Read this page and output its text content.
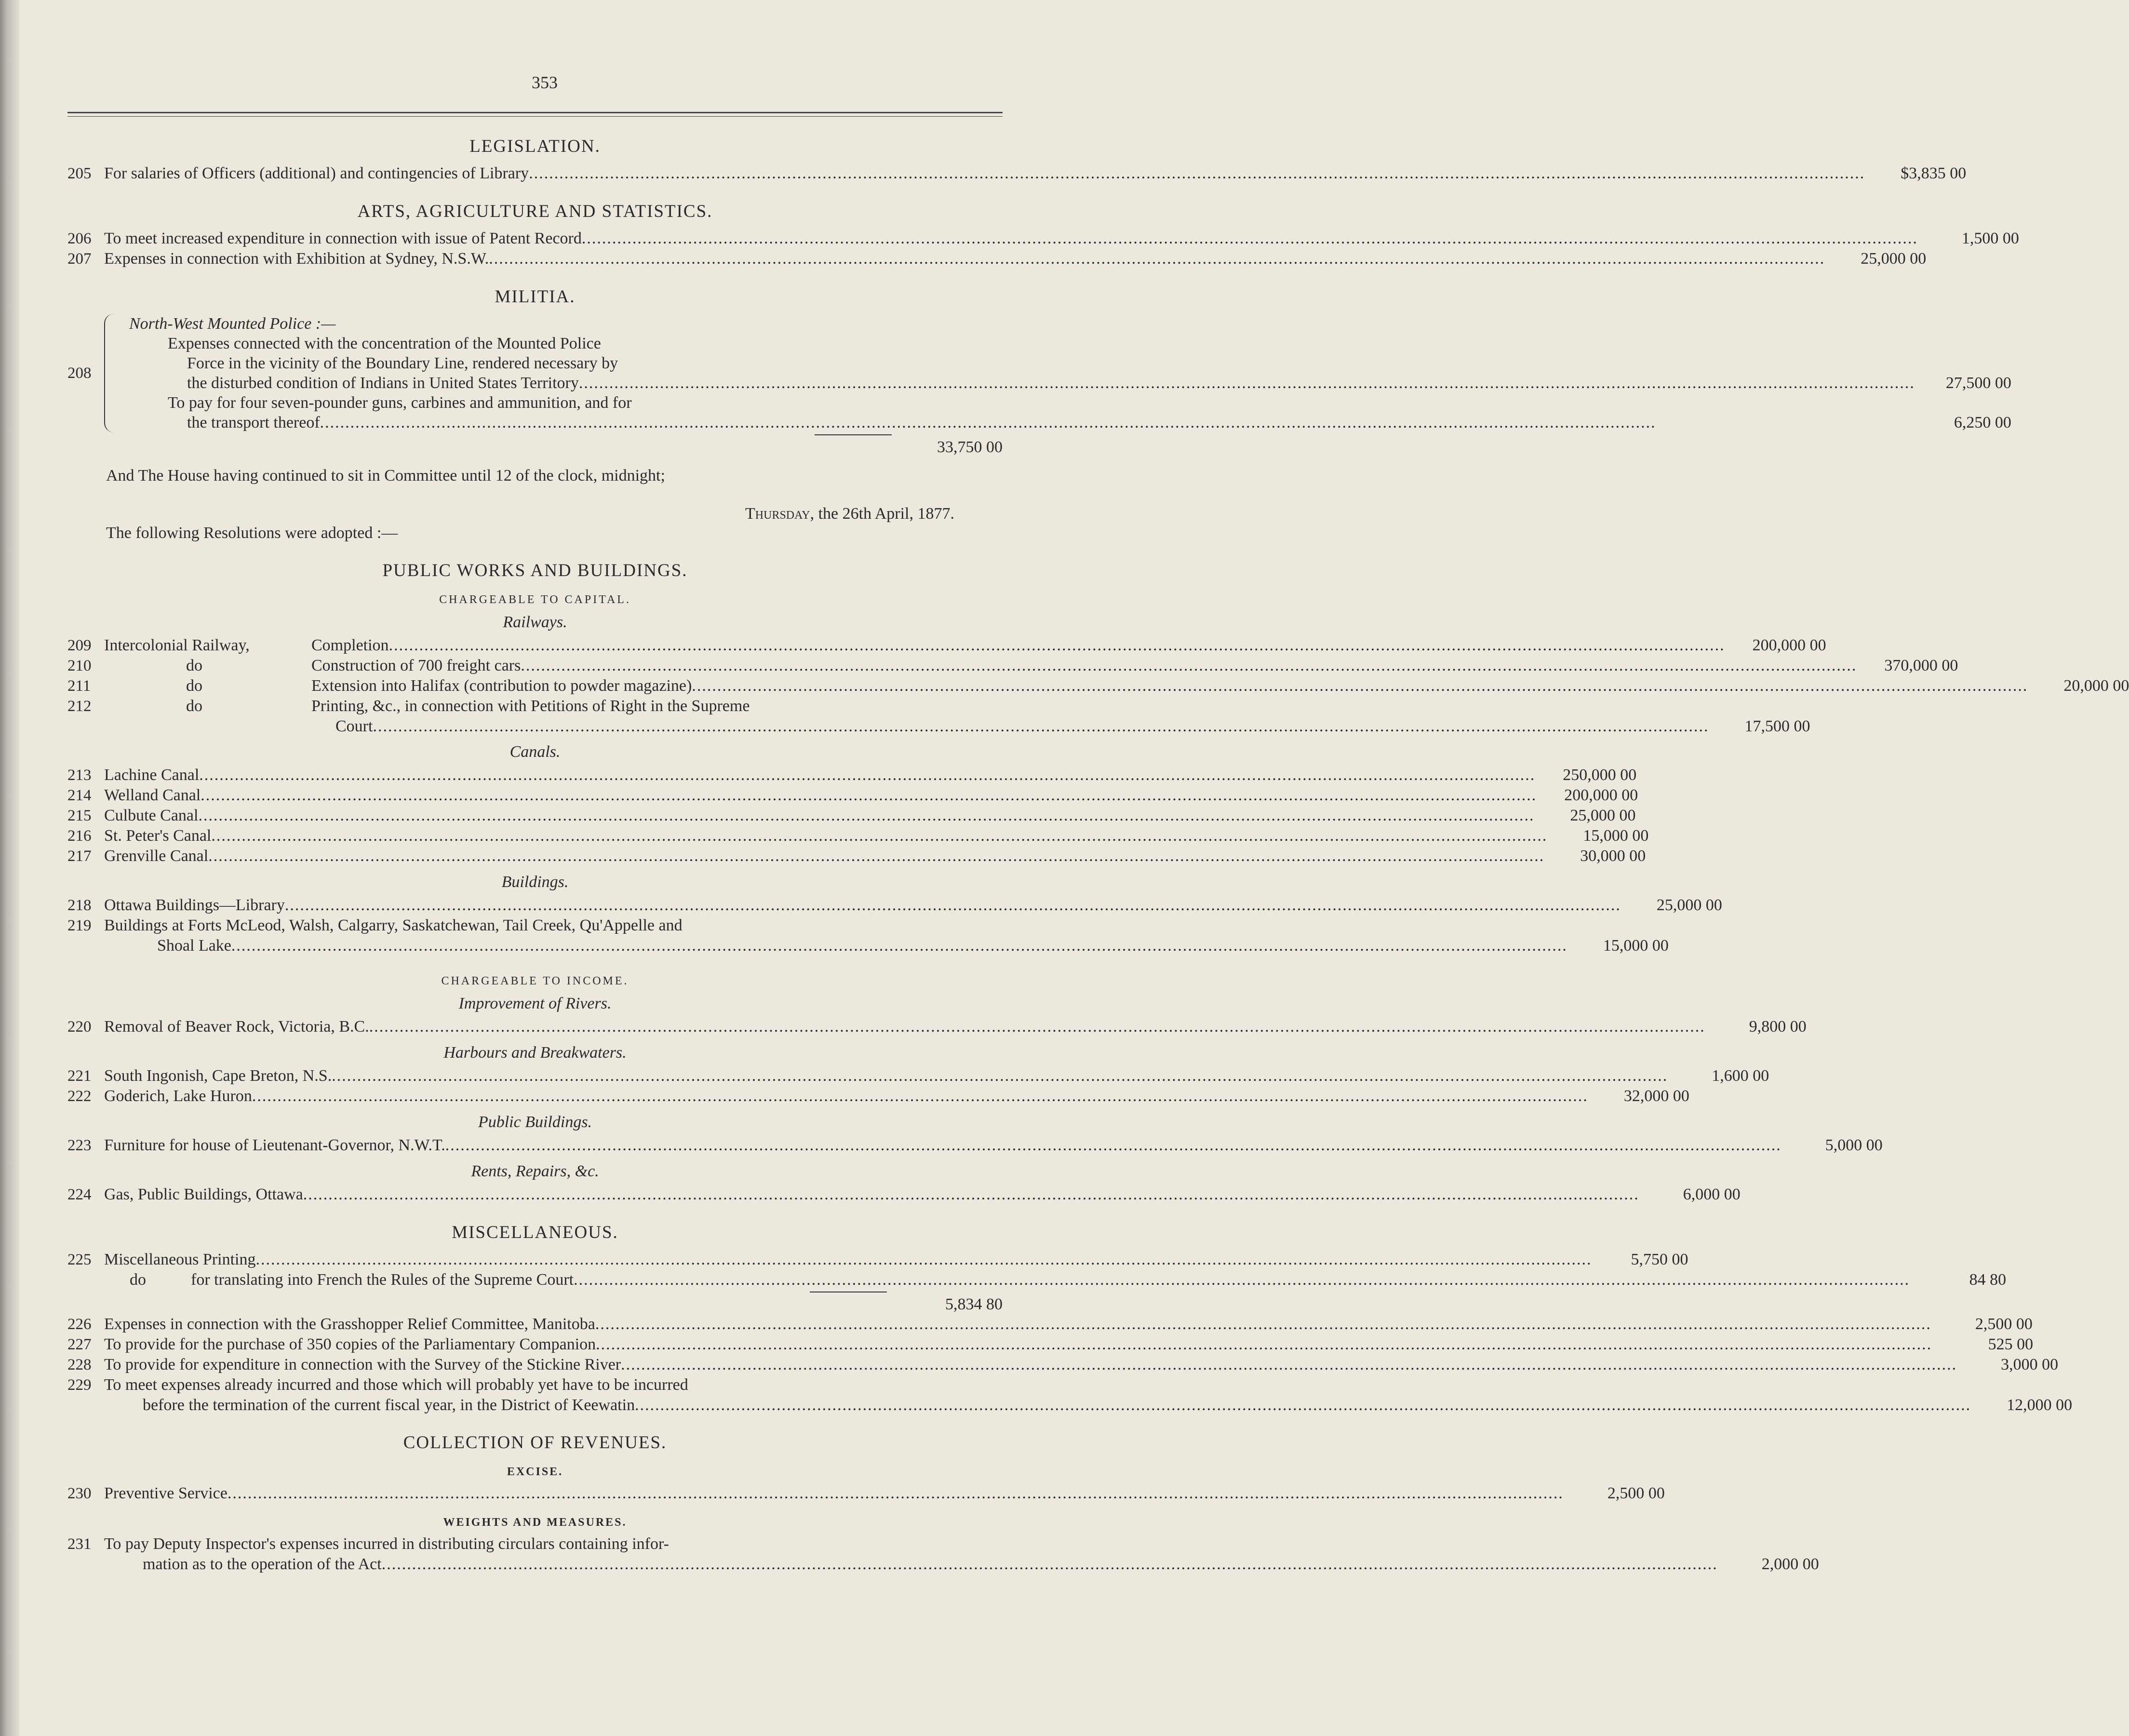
353
LEGISLATION.
205 For salaries of Officers (additional) and contingencies of Library .....	$3,835 00
ARTS, AGRICULTURE AND STATISTICS.
206 To meet increased expenditure in connection with issue of Patent Record .....	1,500 00
207 Expenses in connection with Exhibition at Sydney, N.S.W. .....	25,000 00
MILITIA.
208
North-West Mounted Police :—
Expenses connected with the concentration of the Mounted Police
Force in the vicinity of the Boundary Line, rendered necessary by
the disturbed condition of Indians in United States Territory .....	27,500 00
To pay for four seven-pounder guns, carbines and ammunition, and for
the transport thereof .....	6,250 00
33,750 00
And The House having continued to sit in Committee until 12 of the clock, midnight;
Thursday, the 26th April, 1877.
The following Resolutions were adopted :—
PUBLIC WORKS AND BUILDINGS.
CHARGEABLE TO CAPITAL.
Railways.
209 Intercolonial Railway,	Completion .....	200,000 00
210	do	Construction of 700 freight cars .....	370,000 00
211	do	Extension into Halifax (contribution to powder magazine) .....	20,000 00
212	do	Printing, &c., in connection with Petitions of Right in the Supreme
Court .....	17,500 00
Canals.
213 Lachine Canal .....	250,000 00
214 Welland Canal .....	200,000 00
215 Culbute Canal .....	25,000 00
216 St. Peter's Canal .....	15,000 00
217 Grenville Canal .....	30,000 00
Buildings.
218 Ottawa Buildings—Library .....	25,000 00
219 Buildings at Forts McLeod, Walsh, Calgarry, Saskatchewan, Tail Creek, Qu'Appelle and
Shoal Lake .....	15,000 00
CHARGEABLE TO INCOME.
Improvement of Rivers.
220 Removal of Beaver Rock, Victoria, B.C. .....	9,800 00
Harbours and Breakwaters.
221 South Ingonish, Cape Breton, N.S. .....	1,600 00
222 Goderich, Lake Huron .....	32,000 00
Public Buildings.
223 Furniture for house of Lieutenant-Governor, N.W.T. .....	5,000 00
Rents, Repairs, &c.
224 Gas, Public Buildings, Ottawa .....	6,000 00
MISCELLANEOUS.
225 Miscellaneous Printing .....	5,750 00
do	for translating into French the Rules of the Supreme Court .....	84 80
5,834 80
226 Expenses in connection with the Grasshopper Relief Committee, Manitoba .....	2,500 00
227 To provide for the purchase of 350 copies of the Parliamentary Companion .....	525 00
228 To provide for expenditure in connection with the Survey of the Stickine River .....	3,000 00
229 To meet expenses already incurred and those which will probably yet have to be incurred
before the termination of the current fiscal year, in the District of Keewatin .....	12,000 00
COLLECTION OF REVENUES.
EXCISE.
230 Preventive Service .....	2,500 00
WEIGHTS AND MEASURES.
231 To pay Deputy Inspector's expenses incurred in distributing circulars containing infor-
mation as to the operation of the Act .....	2,000 00
